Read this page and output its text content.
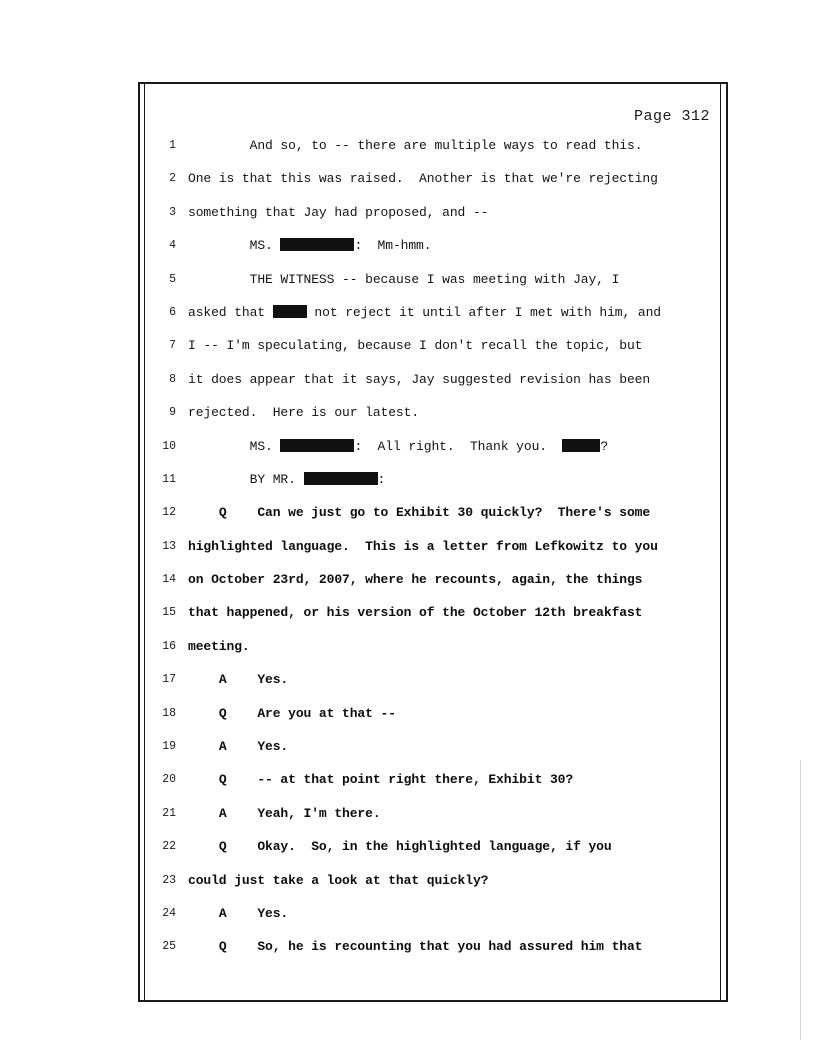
Page 312
1 And so, to -- there are multiple ways to read this.
2 One is that this was raised.  Another is that we're rejecting
3 something that Jay had proposed, and --
4 MS.	:  Mm-hmm.
5 THE WITNESS -- because I was meeting with Jay, I
6 asked that	not reject it until after I met with him, and
7 I -- I'm speculating, because I don't recall the topic, but
8 it does appear that it says, Jay suggested revision has been
9 rejected.  Here is our latest.
10 MS.	:  All right.  Thank you.	?
11 BY MR.	:
12 Q    Can we just go to Exhibit 30 quickly?  There's some
13 highlighted language.  This is a letter from Lefkowitz to you
14 on October 23rd, 2007, where he recounts, again, the things
15 that happened, or his version of the October 12th breakfast
16 meeting.
17 A    Yes.
18 Q    Are you at that --
19 A    Yes.
20 Q    -- at that point right there, Exhibit 30?
21 A    Yeah, I'm there.
22 Q    Okay.  So, in the highlighted language, if you
23 could just take a look at that quickly?
24 A    Yes.
25 Q    So, he is recounting that you had assured him that
